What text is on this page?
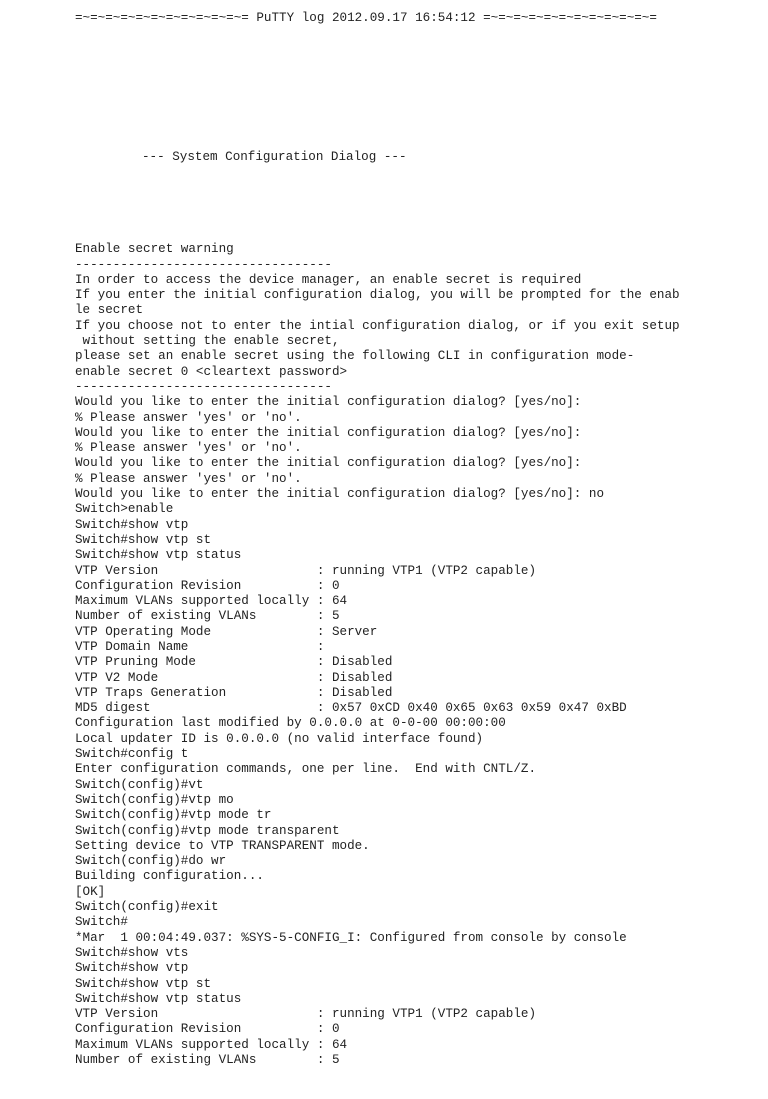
=~=~=~=~=~=~=~=~=~=~=~= PuTTY log 2012.09.17 16:54:12 =~=~=~=~=~=~=~=~=~=~=~=

--- System Configuration Dialog ---

Enable secret warning
----------------------------------
In order to access the device manager, an enable secret is required
If you enter the initial configuration dialog, you will be prompted for the enab
le secret
If you choose not to enter the intial configuration dialog, or if you exit setup
without setting the enable secret,
please set an enable secret using the following CLI in configuration mode-
enable secret 0 <cleartext password>
----------------------------------
Would you like to enter the initial configuration dialog? [yes/no]:
% Please answer 'yes' or 'no'.
Would you like to enter the initial configuration dialog? [yes/no]:
% Please answer 'yes' or 'no'.
Would you like to enter the initial configuration dialog? [yes/no]:
% Please answer 'yes' or 'no'.
Would you like to enter the initial configuration dialog? [yes/no]: no
Switch>enable
Switch#show vtp
Switch#show vtp st
Switch#show vtp status
VTP Version                     : running VTP1 (VTP2 capable)
Configuration Revision          : 0
Maximum VLANs supported locally : 64
Number of existing VLANs        : 5
VTP Operating Mode              : Server
VTP Domain Name                 :
VTP Pruning Mode                : Disabled
VTP V2 Mode                     : Disabled
VTP Traps Generation            : Disabled
MD5 digest                      : 0x57 0xCD 0x40 0x65 0x63 0x59 0x47 0xBD
Configuration last modified by 0.0.0.0 at 0-0-00 00:00:00
Local updater ID is 0.0.0.0 (no valid interface found)
Switch#config t
Enter configuration commands, one per line.  End with CNTL/Z.
Switch(config)#vt
Switch(config)#vtp mo
Switch(config)#vtp mode tr
Switch(config)#vtp mode transparent
Setting device to VTP TRANSPARENT mode.
Switch(config)#do wr
Building configuration...
[OK]
Switch(config)#exit
Switch#
*Mar  1 00:04:49.037: %SYS-5-CONFIG_I: Configured from console by console
Switch#show vts
Switch#show vtp
Switch#show vtp st
Switch#show vtp status
VTP Version                     : running VTP1 (VTP2 capable)
Configuration Revision          : 0
Maximum VLANs supported locally : 64
Number of existing VLANs        : 5
